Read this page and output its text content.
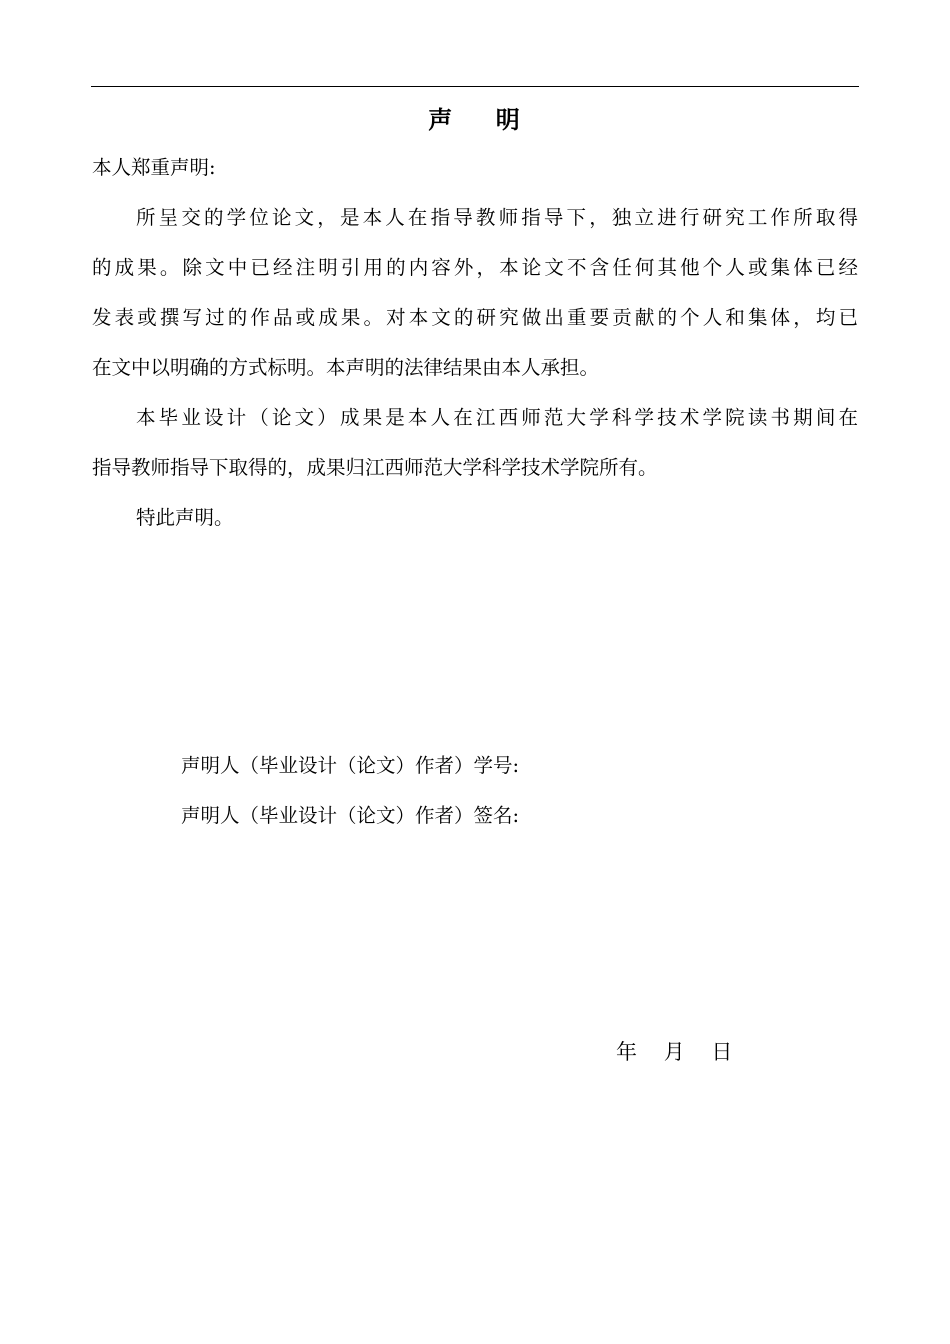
声    明
本人郑重声明:
所呈交的学位论文，是本人在指导教师指导下，独立进行研究工作所取得
的成果。除文中已经注明引用的内容外，本论文不含任何其他个人或集体已经
发表或撰写过的作品或成果。对本文的研究做出重要贡献的个人和集体，均已
在文中以明确的方式标明。本声明的法律结果由本人承担。
本毕业设计（论文）成果是本人在江西师范大学科学技术学院读书期间在
指导教师指导下取得的，成果归江西师范大学科学技术学院所有。
特此声明。
声明人（毕业设计（论文）作者）学号:
声明人（毕业设计（论文）作者）签名:
年    月    日
